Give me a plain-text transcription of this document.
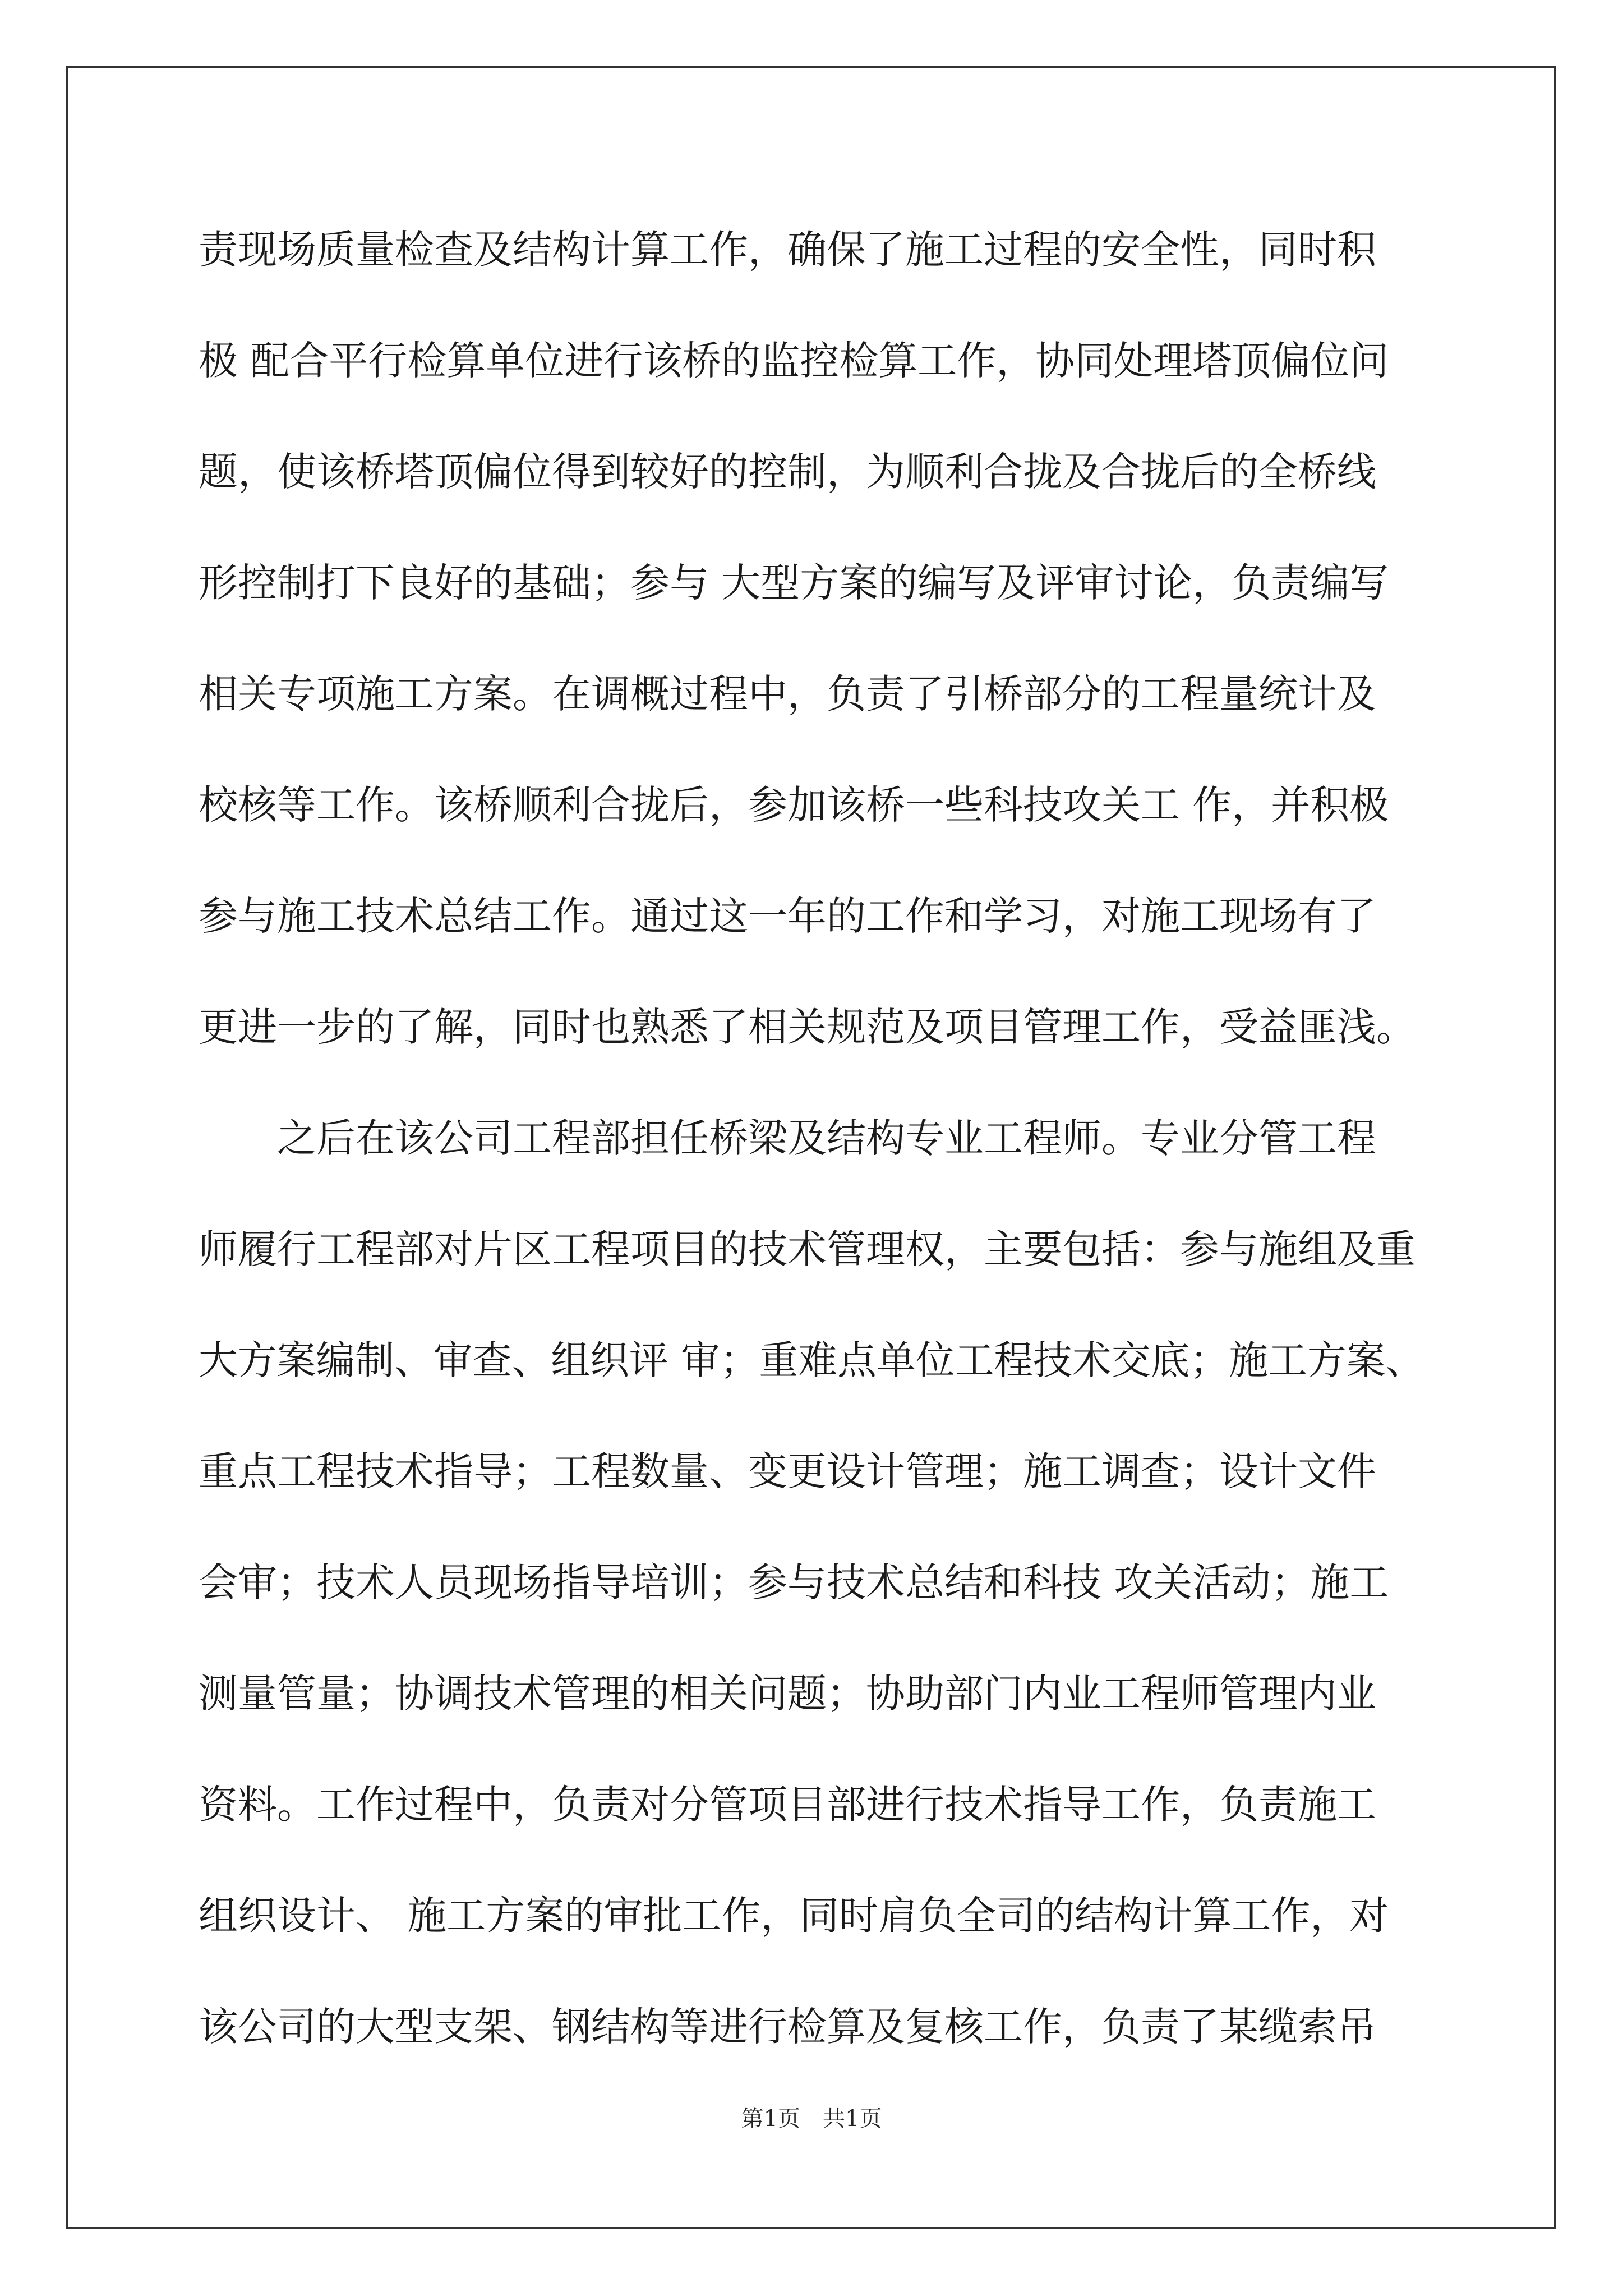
责现场质量检查及结构计算工作，确保了施工过程的安全性，同时积
极 配合平行检算单位进行该桥的监控检算工作，协同处理塔顶偏位问
题，使该桥塔顶偏位得到较好的控制，为顺利合拢及合拢后的全桥线
形控制打下良好的基础；参与 大型方案的编写及评审讨论，负责编写
相关专项施工方案。在调概过程中，负责了引桥部分的工程量统计及
校核等工作。该桥顺利合拢后，参加该桥一些科技攻关工 作，并积极
参与施工技术总结工作。通过这一年的工作和学习，对施工现场有了
更进一步的了解，同时也熟悉了相关规范及项目管理工作，受益匪浅。
之后在该公司工程部担任桥梁及结构专业工程师。专业分管工程
师履行工程部对片区工程项目的技术管理权，主要包括：参与施组及重
大方案编制、审查、组织评 审；重难点单位工程技术交底；施工方案、
重点工程技术指导；工程数量、变更设计管理；施工调查；设计文件
会审；技术人员现场指导培训；参与技术总结和科技 攻关活动；施工
测量管量；协调技术管理的相关问题；协助部门内业工程师管理内业
资料。工作过程中，负责对分管项目部进行技术指导工作，负责施工
组织设计、 施工方案的审批工作，同时肩负全司的结构计算工作，对
该公司的大型支架、钢结构等进行检算及复核工作，负责了某缆索吊
第1页　共1页
